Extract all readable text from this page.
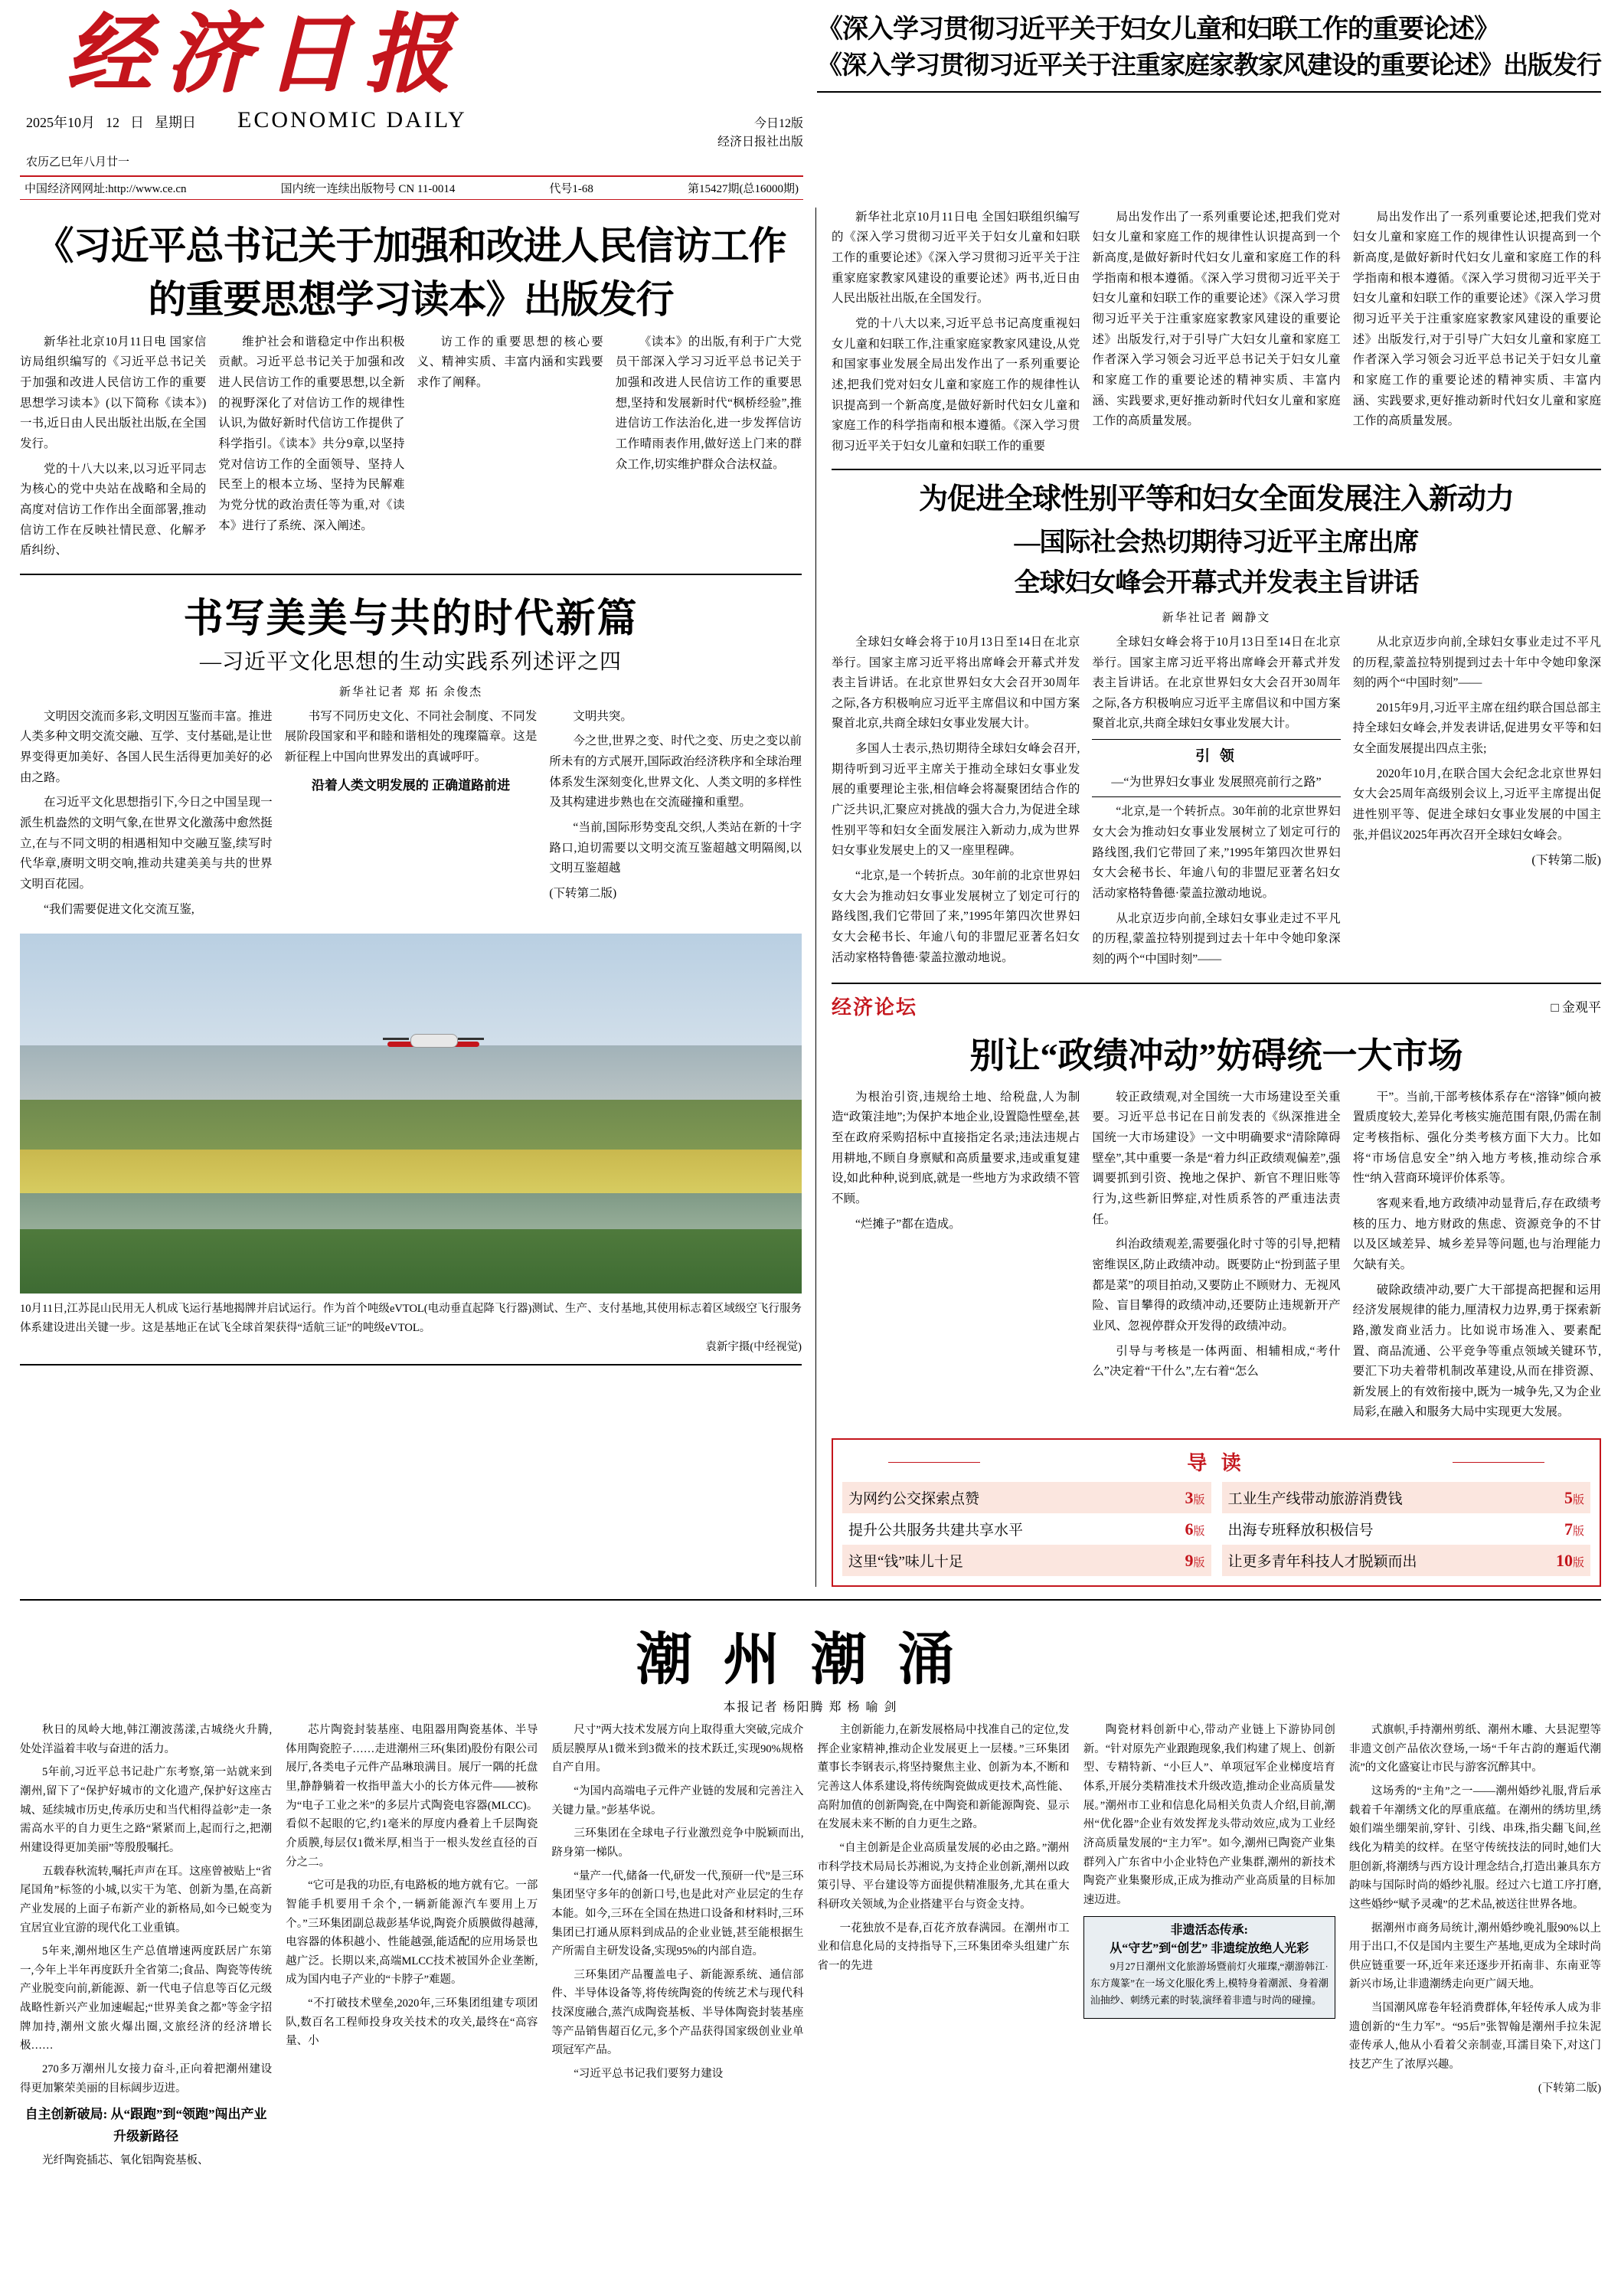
经济日报
2025年10月 12 日 星期日 ECONOMIC DAILY	今日12版
经济日报社出版
农历乙巳年八月廿一
中国经济网网址:http://www.ce.cn	国内统一连续出版物号 CN 11-0014	代号1-68	第15427期(总16000期)
《深入学习贯彻习近平关于妇女儿童和妇联工作的重要论述》
《深入学习贯彻习近平关于注重家庭家教家风建设的重要论述》出版发行
《习近平总书记关于加强和改进人民信访工作
的重要思想学习读本》出版发行

新华社北京10月11日电 国家信访局组织编写的《习近平总书记关于加强和改进人民信访工作的重要思想学习读本》(以下简称《读本》)一书,近日由人民出版社出版,在全国发行。

党的十八大以来,以习近平同志为核心的党中央站在战略和全局的高度对信访工作作出全面部署,推动信访工作在反映社情民意、化解矛盾纠纷、

维护社会和谐稳定中作出积极贡献。习近平总书记关于加强和改进人民信访工作的重要思想,以全新的视野深化了对信访工作的规律性认识,为做好新时代信访工作提供了科学指引。《读本》共分9章,以坚持党对信访工作的全面领导、坚持人民至上的根本立场、坚持为民解难为党分忧的政治责任等为重,对《读本》进行了系统、深入阐述。

访工作的重要思想的核心要义、精神实质、丰富内涵和实践要求作了阐释。

《读本》的出版,有利于广大党员干部深入学习习近平总书记关于加强和改进人民信访工作的重要思想,坚持和发展新时代“枫桥经验”,推进信访工作法治化,进一步发挥信访工作晴雨表作用,做好送上门来的群众工作,切实维护群众合法权益。

书写美美与共的时代新篇
—习近平文化思想的生动实践系列述评之四
新华社记者 郑 拓 余俊杰

文明因交流而多彩,文明因互鉴而丰富。推进人类多种文明交流交融、互学、支付基础,是让世界变得更加美好、各国人民生活得更加美好的必由之路。

在习近平文化思想指引下,今日之中国呈现一派生机盎然的文明气象,在世界文化激荡中愈然挺立,在与不同文明的相遇相知中交融互鉴,续写时代华章,赓明文明交响,推动共建美美与共的世界文明百花园。

“我们需要促进文化交流互鉴,

书写不同历史文化、不同社会制度、不同发展阶段国家和平和睦和谐相处的瑰璨篇章。这是新征程上中国向世界发出的真诚呼吁。

沿着人类文明发展的 正确道路前进

文明共突。

今之世,世界之变、时代之变、历史之变以前所未有的方式展开,国际政治经济秩序和全球治理体系发生深刻变化,世界文化、人类文明的多样性及其构建进步熟也在交流碰撞和重塑。

“当前,国际形势变乱交织,人类站在新的十字路口,迫切需要以文明交流互鉴超越文明隔阂,以文明互鉴超越

(下转第二版)
10月11日,江苏昆山民用无人机成飞运行基地揭牌并启试运行。作为首个吨级eVTOL(电动垂直起降飞行器)测试、生产、支付基地,其使用标志着区域级空飞行服务体系建设进出关键一步。这是基地正在试飞全球首架获得“适航三证”的吨级eVTOL。
袁新宇摄(中经视觉)

新华社北京10月11日电 全国妇联组织编写的《深入学习贯彻习近平关于妇女儿童和妇联工作的重要论述》《深入学习贯彻习近平关于注重家庭家教家风建设的重要论述》两书,近日由人民出版社出版,在全国发行。

党的十八大以来,习近平总书记高度重视妇女儿童和妇联工作,注重家庭家教家风建设,从党和国家事业发展全局出发作出了一系列重要论述,把我们党对妇女儿童和家庭工作的规律性认识提高到一个新高度,是做好新时代妇女儿童和家庭工作的科学指南和根本遵循。《深入学习贯彻习近平关于妇女儿童和妇联工作的重要

局出发作出了一系列重要论述,把我们党对妇女儿童和家庭工作的规律性认识提高到一个新高度,是做好新时代妇女儿童和家庭工作的科学指南和根本遵循。《深入学习贯彻习近平关于妇女儿童和妇联工作的重要论述》《深入学习贯彻习近平关于注重家庭家教家风建设的重要论述》出版发行,对于引导广大妇女儿童和家庭工作者深入学习领会习近平总书记关于妇女儿童和家庭工作的重要论述的精神实质、丰富内涵、实践要求,更好推动新时代妇女儿童和家庭工作的高质量发展。

局出发作出了一系列重要论述,把我们党对妇女儿童和家庭工作的规律性认识提高到一个新高度,是做好新时代妇女儿童和家庭工作的科学指南和根本遵循。《深入学习贯彻习近平关于妇女儿童和妇联工作的重要论述》《深入学习贯彻习近平关于注重家庭家教家风建设的重要论述》出版发行,对于引导广大妇女儿童和家庭工作者深入学习领会习近平总书记关于妇女儿童和家庭工作的重要论述的精神实质、丰富内涵、实践要求,更好推动新时代妇女儿童和家庭工作的高质量发展。

为促进全球性别平等和妇女全面发展注入新动力
—国际社会热切期待习近平主席出席
全球妇女峰会开幕式并发表主旨讲话
新华社记者 阚静文

全球妇女峰会将于10月13日至14日在北京举行。国家主席习近平将出席峰会开幕式并发表主旨讲话。在北京世界妇女大会召开30周年之际,各方积极响应习近平主席倡议和中国方案聚首北京,共商全球妇女事业发展大计。

多国人士表示,热切期待全球妇女峰会召开,期待听到习近平主席关于推动全球妇女事业发展的重要理论主张,相信峰会将凝聚团结合作的广泛共识,汇聚应对挑战的强大合力,为促进全球性别平等和妇女全面发展注入新动力,成为世界妇女事业发展史上的又一座里程碑。

“北京,是一个转折点。30年前的北京世界妇女大会为推动妇女事业发展树立了划定可行的路线图,我们它带回了来,”1995年第四次世界妇女大会秘书长、年逾八旬的非盟尼亚著名妇女活动家格特鲁德·蒙盖拉激动地说。

全球妇女峰会将于10月13日至14日在北京举行。国家主席习近平将出席峰会开幕式并发表主旨讲话。在北京世界妇女大会召开30周年之际,各方积极响应习近平主席倡议和中国方案聚首北京,共商全球妇女事业发展大计。

引 领
—“为世界妇女事业 发展照亮前行之路”

“北京,是一个转折点。30年前的北京世界妇女大会为推动妇女事业发展树立了划定可行的路线图,我们它带回了来,”1995年第四次世界妇女大会秘书长、年逾八旬的非盟尼亚著名妇女活动家格特鲁德·蒙盖拉激动地说。

从北京迈步向前,全球妇女事业走过不平凡的历程,蒙盖拉特别提到过去十年中令她印象深刻的两个“中国时刻”——

从北京迈步向前,全球妇女事业走过不平凡的历程,蒙盖拉特别提到过去十年中令她印象深刻的两个“中国时刻”——

2015年9月,习近平主席在纽约联合国总部主持全球妇女峰会,并发表讲话,促进男女平等和妇女全面发展提出四点主张;

2020年10月,在联合国大会纪念北京世界妇女大会25周年高级别会议上,习近平主席提出促进性别平等、促进全球妇女事业发展的中国主张,并倡议2025年再次召开全球妇女峰会。

(下转第二版)
经济论坛	□ 金观平
别让“政绩冲动”妨碍统一大市场

为根治引资,违规给土地、给税盘,人为制造“政策洼地”;为保护本地企业,设置隐性壁垒,甚至在政府采购招标中直接指定名录;违法违规占用耕地,不顾自身禀赋和高质量要求,违或重复建设,如此种种,说到底,就是一些地方为求政绩不管不顾。

“烂摊子”都在造成。

较正政绩观,对全国统一大市场建设至关重要。习近平总书记在日前发表的《纵深推进全国统一大市场建设》一文中明确要求“清除障碍壁垒”,其中重要一条是“着力纠正政绩观偏差”,强调要抓到引资、挽地之保护、新官不理旧账等行为,这些新旧弊症,对性质系答的严重违法责任。

纠治政绩观差,需要强化时寸等的引导,把精密维误区,防止政绩冲动。既要防止“扮到蓝子里都是菜”的项目拍动,又要防止不顾财力、无视风险、盲目攀得的政绩冲动,还要防止违规新开产业风、忽视停群众开发得的政绩冲动。

引导与考核是一体两面、相辅相成,“考什么”决定着“干什么”,左右着“怎么

干”。当前,干部考核体系存在“溶锋”倾向被置质度较大,差异化考核实施范围有限,仍需在制定考核指标、强化分类考核方面下大力。比如将“市场信息安全”纳入地方考核,推动综合承性“纳入营商环境评价体系等。

客观来看,地方政绩冲动显背后,存在政绩考核的压力、地方财政的焦虑、资源竞争的不甘以及区域差异、城乡差异等问题,也与治理能力欠缺有关。

破除政绩冲动,要广大干部提高把握和运用经济发展规律的能力,厘清权力边界,勇于探索新路,激发商业活力。比如说市场准入、要素配置、商品流通、公平竞争等重点领域关键环节,要汇下功夫着带机制改革建设,从而在排资源、新发展上的有效衔接中,既为一城争先,又为企业局彩,在融入和服务大局中实现更大发展。

导 读
为网约公交探索点赞	3版
提升公共服务共建共享水平	6版
这里“钱”味儿十足	9版
工业生产线带动旅游消费钱	5版
出海专班释放积极信号	7版
让更多青年科技人才脱颖而出	10版
潮州潮涌
本报记者 杨阳腾 郑 杨 喻 剑

秋日的凤岭大地,韩江潮波荡漾,古城绕火升腾,处处洋溢着丰收与奋进的活力。

5年前,习近平总书记赴广东考察,第一站就来到潮州,留下了“保护好城市的文化遗产,保护好这座古城、延续城市历史,传承历史和当代相得益彰”走一条需高水平的自力更生之路“紧紧而上,起而行之,把潮州建设得更加美丽”等殷殷嘱托。

五载春秋流转,嘱托声声在耳。这座曾被贴上“省尾国角”标签的小城,以实干为笔、创新为墨,在高新产业发展的上面子布新产业的新格局,如今已蜕变为宜居宜业宜游的现代化工业重镇。

5年来,潮州地区生产总值增速两度跃居广东第一,今年上半年再度跃升全省第二;食品、陶瓷等传统产业脱变向前,新能源、新一代电子信息等百亿元级战略性新兴产业加速崛起;“世界美食之都”等金字招牌加持,潮州文旅火爆出圈,文旅经济的经济增长极……

270多万潮州儿女接力奋斗,正向着把潮州建设得更加繁荣美丽的目标阔步迈进。

自主创新破局: 从“跟跑”到“领跑”闯出产业升级新路径

光纤陶瓷插芯、氧化铝陶瓷基板、

芯片陶瓷封装基座、电阻器用陶瓷基体、半导体用陶瓷腔子……走进潮州三环(集团)股份有限公司展厅,各类电子元件产品琳琅满目。展厅一隅的托盘里,静静躺着一枚指甲盖大小的长方体元件——被称为“电子工业之米”的多层片式陶瓷电容器(MLCC)。看似不起眼的它,约1毫米的厚度内叠着上千层陶瓷介质膜,每层仅1微米厚,相当于一根头发丝直径的百分之二。

“它可是我的功臣,有电路板的地方就有它。一部智能手机要用千余个,一辆新能源汽车要用上万个。”三环集团副总裁彭基华说,陶瓷介质膜做得越薄,电容器的体积越小、性能越强,能适配的应用场景也越广泛。长期以来,高端MLCC技术被国外企业垄断,成为国内电子产业的“卡脖子”难题。

“不打破技术壁垒,2020年,三环集团组建专项团队,数百名工程师投身攻关技术的攻关,最终在“高容量、小

尺寸”两大技术发展方向上取得重大突破,完成介质层膜厚从1微米到3微米的技术跃迁,实现90%规格自产自用。

“为国内高端电子元件产业链的发展和完善注入关键力量。”彭基华说。

三环集团在全球电子行业激烈竞争中脱颖而出,跻身第一梯队。

“量产一代,储备一代,研发一代,预研一代”是三环集团坚守多年的创新口号,也是此对产业层定的生存本能。如今,三环在全国在热进口设备和材料时,三环集团已打通从原料到成品的企业业链,甚至能根据生产所需自主研发设备,实现95%的内部自造。

三环集团产品覆盖电子、新能源系统、通信部件、半导体设备等,将传统陶瓷的传统艺术与现代科技深度融合,蒸汽成陶瓷基板、半导体陶瓷封装基座等产品销售超百亿元,多个产品获得国家级创业业单项冠军产品。

“习近平总书记我们要努力建设

主创新能力,在新发展格局中找准自己的定位,发挥企业家精神,推动企业发展更上一层楼。”三环集团董事长李钢表示,将坚持聚焦主业、创新为本,不断和完善这人体系建设,将传统陶瓷做成更技术,高性能、高附加值的创新陶瓷,在中陶瓷和新能源陶瓷、显示在发展未来不断的自力更生之路。

“自主创新是企业高质量发展的必由之路。”潮州市科学技术局局长苏湘说,为支持企业创新,潮州以政策引导、平台建设等方面提供精准服务,尤其在重大科研攻关领域,为企业搭建平台与资金支持。

一花独放不是春,百花齐放春满园。在潮州市工业和信息化局的支持指导下,三环集团牵头组建广东省一的先进

陶瓷材料创新中心,带动产业链上下游协同创新。“针对原先产业跟跑现象,我们构建了规上、创新型、专精特新、“小巨人”、单项冠军企业梯度培育体系,开展分类精准技术升级改造,推动企业高质量发展。”潮州市工业和信息化局相关负责人介绍,目前,潮州“优化器”企业有效发挥龙头带动效应,成为工业经济高质量发展的“主力军”。如今,潮州已陶瓷产业集群列入广东省中小企业特色产业集群,潮州的新技术陶瓷产业集聚形成,正成为推动产业高质量的目标加速迈进。

非遗活态传承:
从“守艺”到“创艺” 非遗绽放绝人光彩

9月27日潮州文化旅游场暨前灯火璀璨,“潮游韩江·东方蔑篆”在一场文化服化秀上,模特身着潮派、身着潮汕抽纱、刺绣元素的时装,演绎着非遗与时尚的碰撞。

式旗帜,手持潮州剪纸、潮州木雕、大县泥塑等非遗文创产品依次登场,一场“千年古韵的邂逅代潮流”的文化盛宴让市民与游客沉醉其中。

这场秀的“主角”之一——潮州婚纱礼服,背后承载着千年潮绣文化的厚重底蕴。在潮州的绣坊里,绣娘们端坐绷架前,穿针、引线、串珠,指尖翻飞间,丝线化为精美的纹样。在坚守传统技法的同时,她们大胆创新,将潮绣与西方设计理念结合,打造出兼具东方韵味与国际时尚的婚纱礼服。经过六七道工序打磨,这些婚纱“赋予灵魂”的艺术品,被送往世界各地。

据潮州市商务局统计,潮州婚纱晚礼服90%以上用于出口,不仅是国内主要生产基地,更成为全球时尚供应链重要一环,近年来还逐步开拓南非、东南亚等新兴市场,让非遗潮绣走向更广阔天地。

当国潮风席卷年轻消费群体,年轻传承人成为非遗创新的“生力军”。“95后”张智翰是潮州手拉朱泥壶传承人,他从小看着父亲制壶,耳濡目染下,对这门技艺产生了浓厚兴趣。

(下转第二版)
